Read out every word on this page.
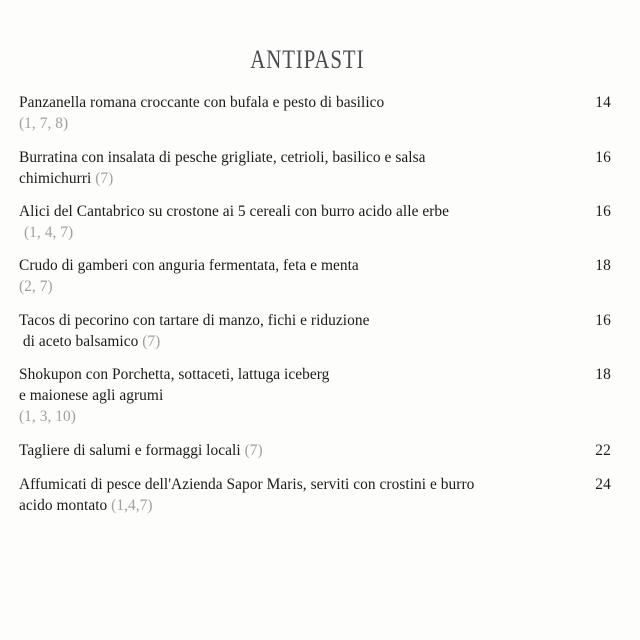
ANTIPASTI
Panzanella romana croccante con bufala e pesto di basilico
(1, 7, 8)
14
Burratina con insalata di pesche grigliate, cetrioli, basilico e salsa
chimichurri (7)
16
Alici del Cantabrico su crostone ai 5 cereali con burro acido alle erbe
(1, 4, 7)
16
Crudo di gamberi con anguria fermentata, feta e menta
(2, 7)
18
Tacos di pecorino con tartare di manzo, fichi e riduzione
di aceto balsamico (7)
16
Shokupon con Porchetta, sottaceti, lattuga iceberg
e maionese agli agrumi
(1, 3, 10)
18
Tagliere di salumi e formaggi locali (7)	22
Affumicati di pesce dell'Azienda Sapor Maris, serviti con crostini e burro
acido montato (1,4,7)
24
